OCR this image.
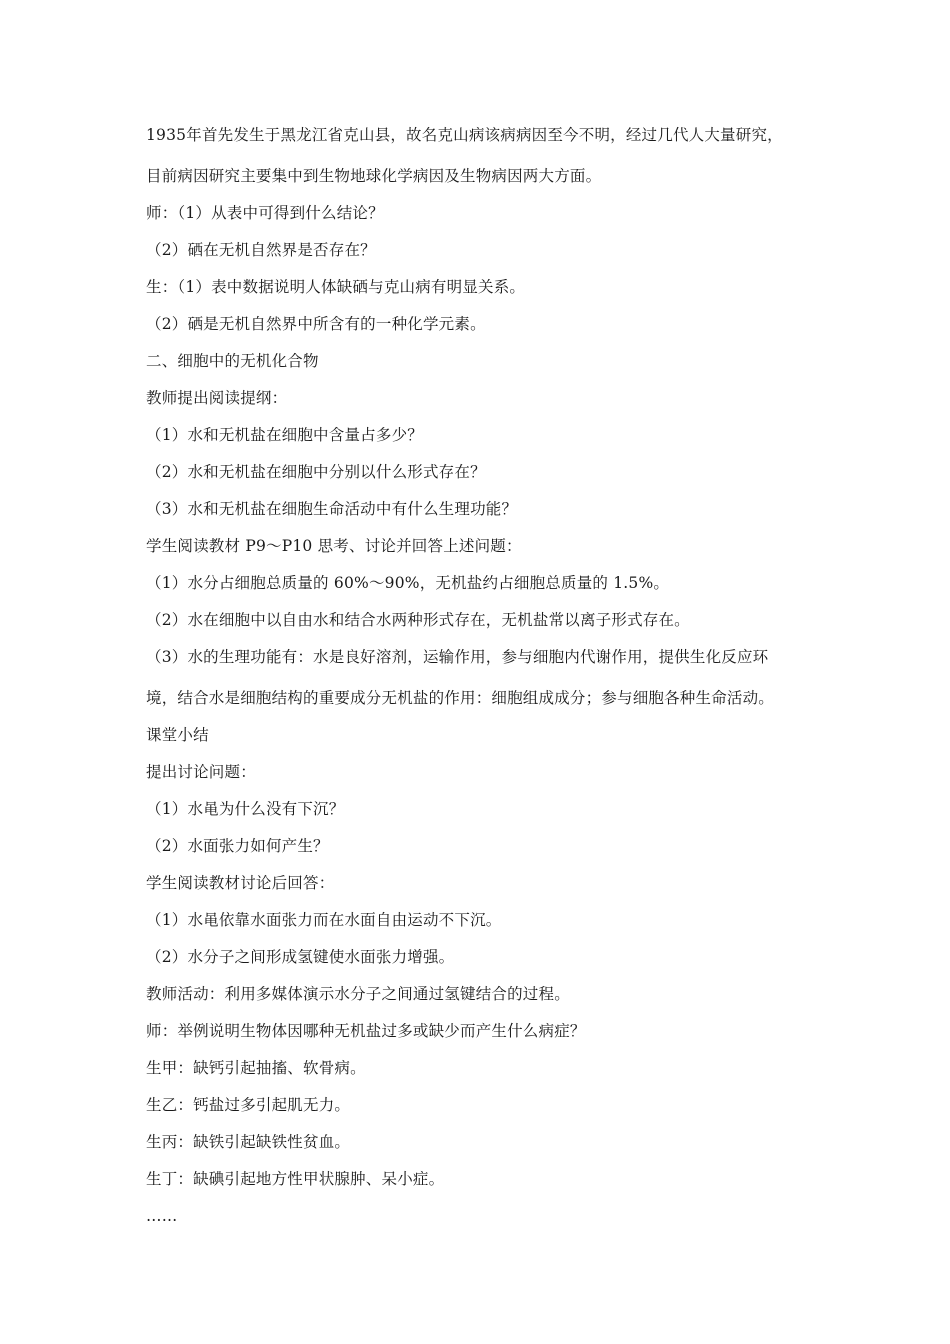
1935年首先发生于黑龙江省克山县，故名克山病该病病因至今不明，经过几代人大量研究，
目前病因研究主要集中到生物地球化学病因及生物病因两大方面。
师：（1）从表中可得到什么结论？
（2）硒在无机自然界是否存在？
生：（1）表中数据说明人体缺硒与克山病有明显关系。
（2）硒是无机自然界中所含有的一种化学元素。
二、细胞中的无机化合物
教师提出阅读提纲：
（1）水和无机盐在细胞中含量占多少？
（2）水和无机盐在细胞中分别以什么形式存在？
（3）水和无机盐在细胞生命活动中有什么生理功能？
学生阅读教材 P9～P10 思考、讨论并回答上述问题：
（1）水分占细胞总质量的 60%～90%，无机盐约占细胞总质量的 1.5%。
（2）水在细胞中以自由水和结合水两种形式存在，无机盐常以离子形式存在。
（3）水的生理功能有：水是良好溶剂，运输作用，参与细胞内代谢作用，提供生化反应环
境，结合水是细胞结构的重要成分无机盐的作用：细胞组成成分；参与细胞各种生命活动。
课堂小结
提出讨论问题：
（1）水黾为什么没有下沉？
（2）水面张力如何产生？
学生阅读教材讨论后回答：
（1）水黾依靠水面张力而在水面自由运动不下沉。
（2）水分子之间形成氢键使水面张力增强。
教师活动：利用多媒体演示水分子之间通过氢键结合的过程。
师：举例说明生物体因哪种无机盐过多或缺少而产生什么病症？
生甲：缺钙引起抽搐、软骨病。
生乙：钙盐过多引起肌无力。
生丙：缺铁引起缺铁性贫血。
生丁：缺碘引起地方性甲状腺肿、呆小症。
……
